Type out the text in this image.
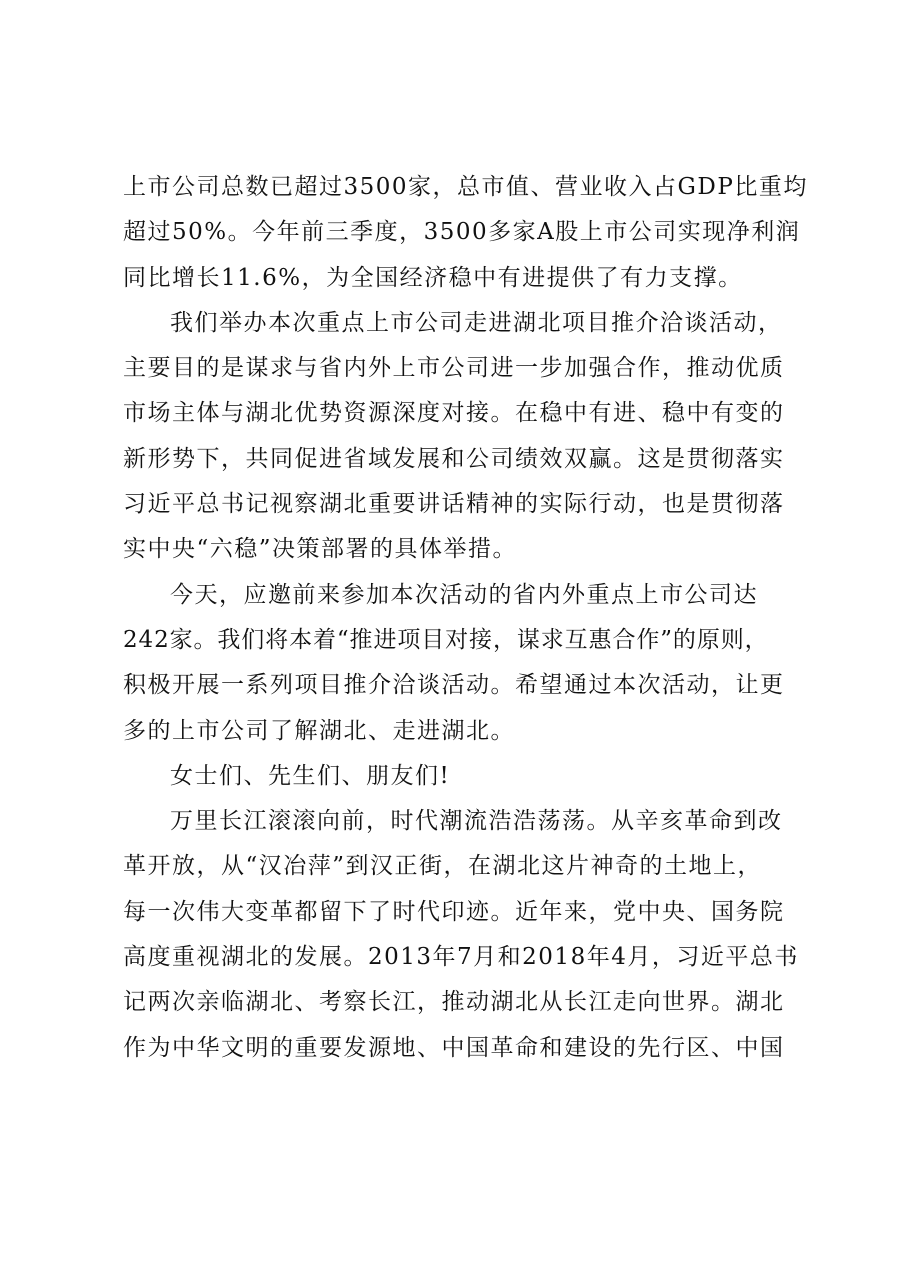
上市公司总数已超过3500家，总市值、营业收入占GDP比重均
超过50%。今年前三季度，3500多家A股上市公司实现净利润
同比增长11.6%，为全国经济稳中有进提供了有力支撑。
我们举办本次重点上市公司走进湖北项目推介洽谈活动，
主要目的是谋求与省内外上市公司进一步加强合作，推动优质
市场主体与湖北优势资源深度对接。在稳中有进、稳中有变的
新形势下，共同促进省域发展和公司绩效双赢。这是贯彻落实
习近平总书记视察湖北重要讲话精神的实际行动，也是贯彻落
实中央“六稳”决策部署的具体举措。
今天，应邀前来参加本次活动的省内外重点上市公司达
242家。我们将本着“推进项目对接，谋求互惠合作”的原则，
积极开展一系列项目推介洽谈活动。希望通过本次活动，让更
多的上市公司了解湖北、走进湖北。
女士们、先生们、朋友们!
万里长江滚滚向前，时代潮流浩浩荡荡。从辛亥革命到改
革开放，从“汉冶萍”到汉正街，在湖北这片神奇的土地上，
每一次伟大变革都留下了时代印迹。近年来，党中央、国务院
高度重视湖北的发展。2013年7月和2018年4月，习近平总书
记两次亲临湖北、考察长江，推动湖北从长江走向世界。湖北
作为中华文明的重要发源地、中国革命和建设的先行区、中国
